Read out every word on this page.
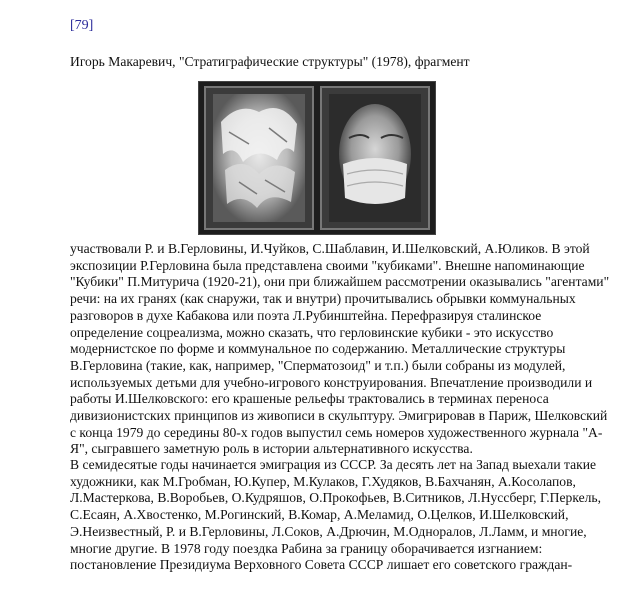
[79]
Игорь Макаревич, "Стратиграфические структуры" (1978), фрагмент

участвовали Р. и В.Герловины, И.Чуйков, С.Шаблавин, И.Шелковский, А.Юликов. В этой
экспозиции Р.Герловина была представлена своими "кубиками". Внешне напоминающие
"Кубики" П.Митурича (1920-21), они при ближайшем рассмотрении оказывались "агентами"
речи: на их гранях (как снаружи, так и внутри) прочитывались обрывки коммунальных
разговоров в духе Кабакова или поэта Л.Рубинштейна. Перефразируя сталинское
определение соцреализма, можно сказать, что герловинские кубики - это искусство
модернистское по форме и коммунальное по содержанию. Металлические структуры
В.Герловина (такие, как, например, "Сперматозоид" и т.п.) были собраны из модулей,
используемых детьми для учебно-игрового конструирования. Впечатление производили и
работы И.Шелковского: его крашеные рельефы трактовались в терминах переноса
дивизионистских принципов из живописи в скульптуру. Эмигрировав в Париж, Шелковский
с конца 1979 до середины 80-х годов выпустил семь номеров художественного журнала "А-
Я", сыгравшего заметную роль в истории альтернативного искусства.

В семидесятые годы начинается эмиграция из СССР. За десять лет на Запад выехали такие
художники, как М.Гробман, Ю.Купер, М.Кулаков, Г.Худяков, В.Бахчанян, А.Косолапов,
Л.Мастеркова, В.Воробьев, О.Кудряшов, О.Прокофьев, В.Ситников, Л.Нуссберг, Г.Перкель,
С.Есаян, А.Хвостенко, М.Рогинский, В.Комар, А.Меламид, О.Целков, И.Шелковский,
Э.Неизвестный, Р. и В.Герловины, Л.Соков, А.Дрючин, М.Одноралов, Л.Ламм, и многие,
многие другие. В 1978 году поездка Рабина за границу оборачивается изгнанием:
постановление Президиума Верховного Совета СССР лишает его советского граждан-
